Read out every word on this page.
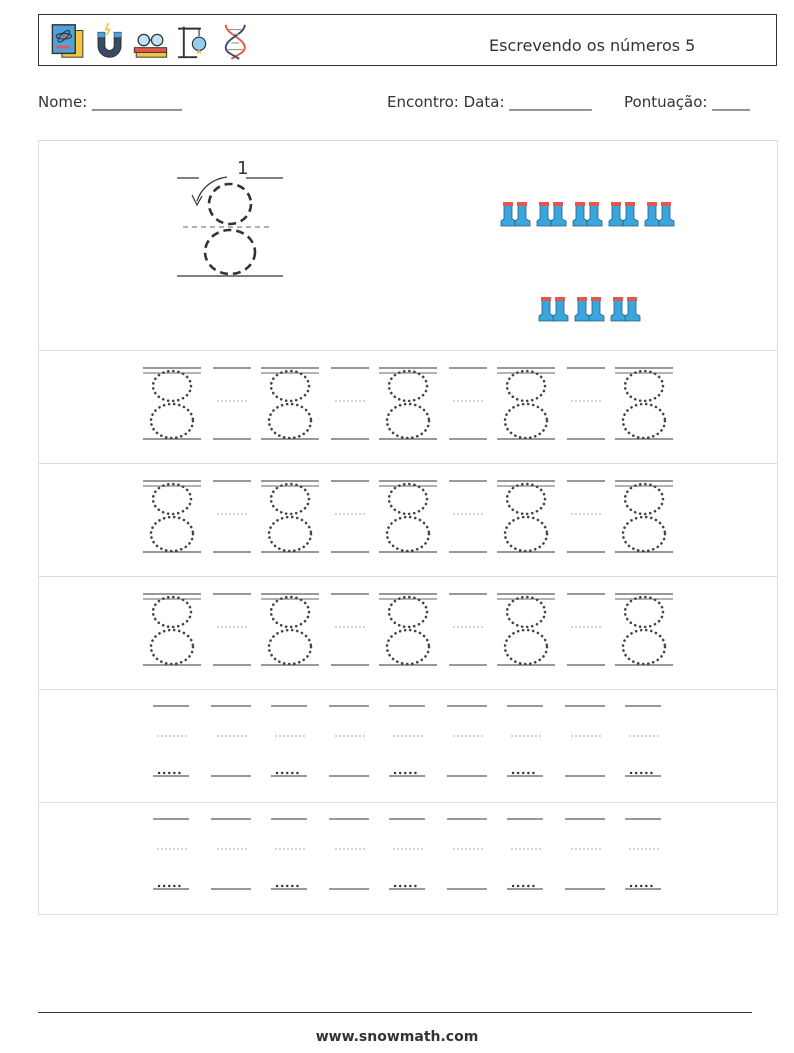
Escrevendo os números 5
Nome: ____________	Encontro: Data: ___________ Pontuação: _____
1
www.snowmath.com
